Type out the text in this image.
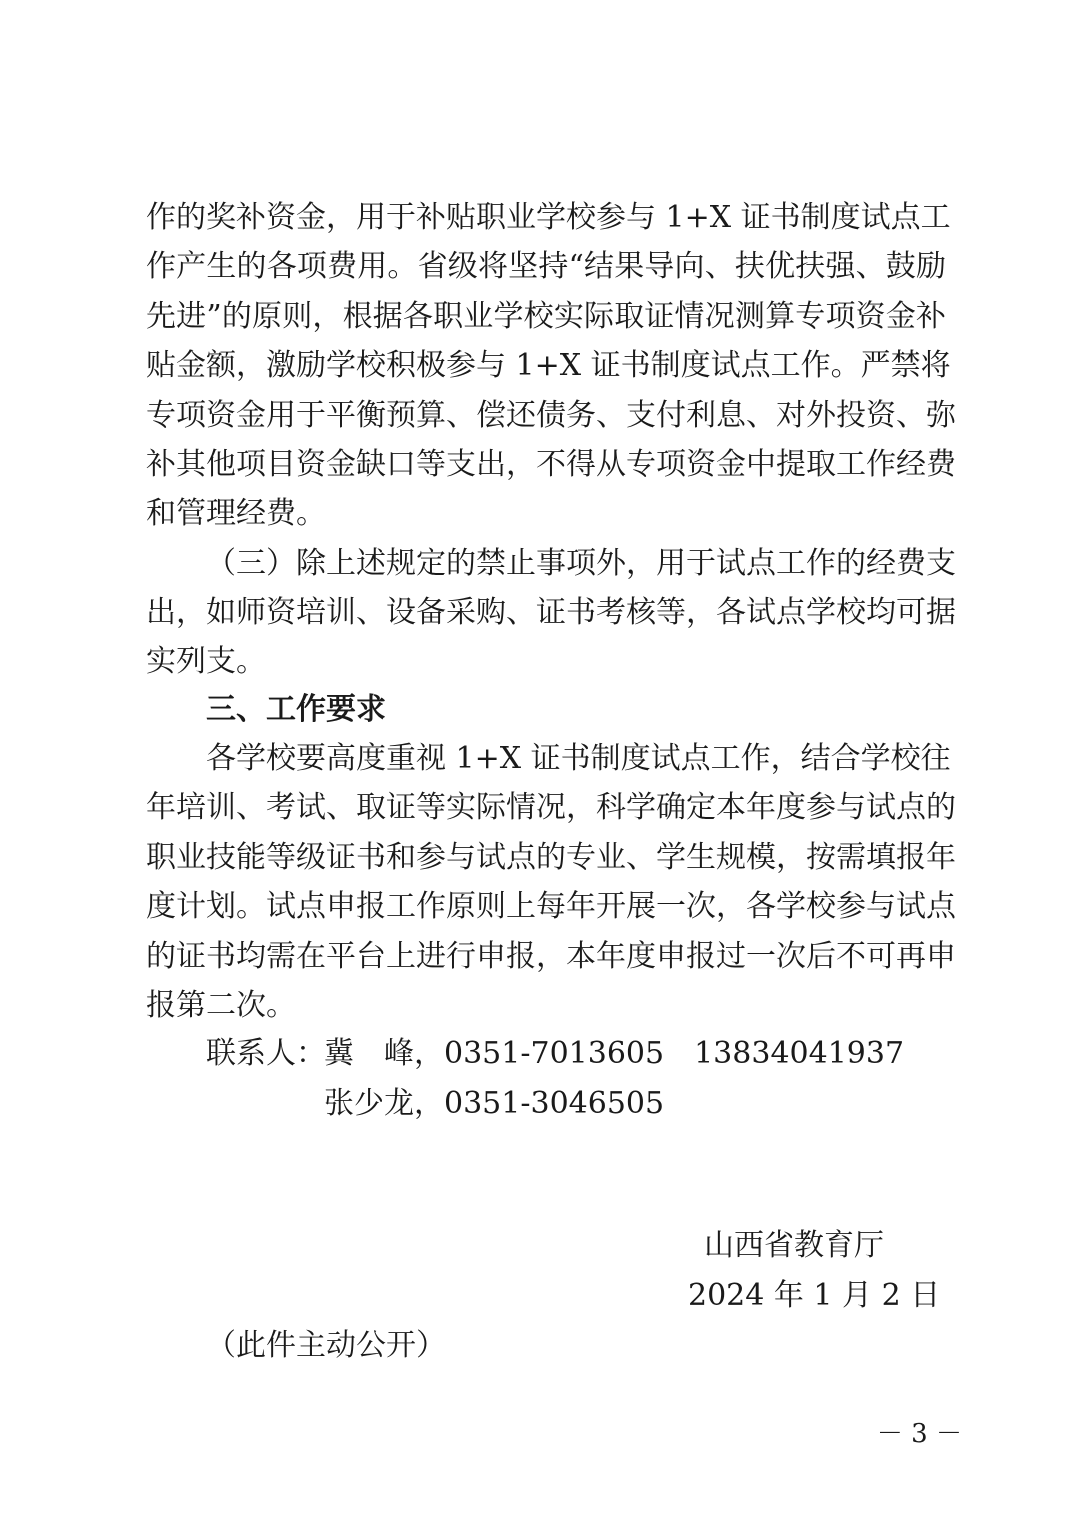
作的奖补资金，用于补贴职业学校参与 1+X 证书制度试点工
作产生的各项费用。省级将坚持“结果导向、扶优扶强、鼓励
先进”的原则，根据各职业学校实际取证情况测算专项资金补
贴金额，激励学校积极参与 1+X 证书制度试点工作。严禁将
专项资金用于平衡预算、偿还债务、支付利息、对外投资、弥
补其他项目资金缺口等支出，不得从专项资金中提取工作经费
和管理经费。
（三）除上述规定的禁止事项外，用于试点工作的经费支
出，如师资培训、设备采购、证书考核等，各试点学校均可据
实列支。
三、工作要求
各学校要高度重视 1+X 证书制度试点工作，结合学校往
年培训、考试、取证等实际情况，科学确定本年度参与试点的
职业技能等级证书和参与试点的专业、学生规模，按需填报年
度计划。试点申报工作原则上每年开展一次，各学校参与试点
的证书均需在平台上进行申报，本年度申报过一次后不可再申
报第二次。
联系人：
冀　峰，0351-7013605　13834041937
张少龙，0351-3046505
山西省教育厅
2024 年 1 月 2 日
（此件主动公开）
－ 3 －
